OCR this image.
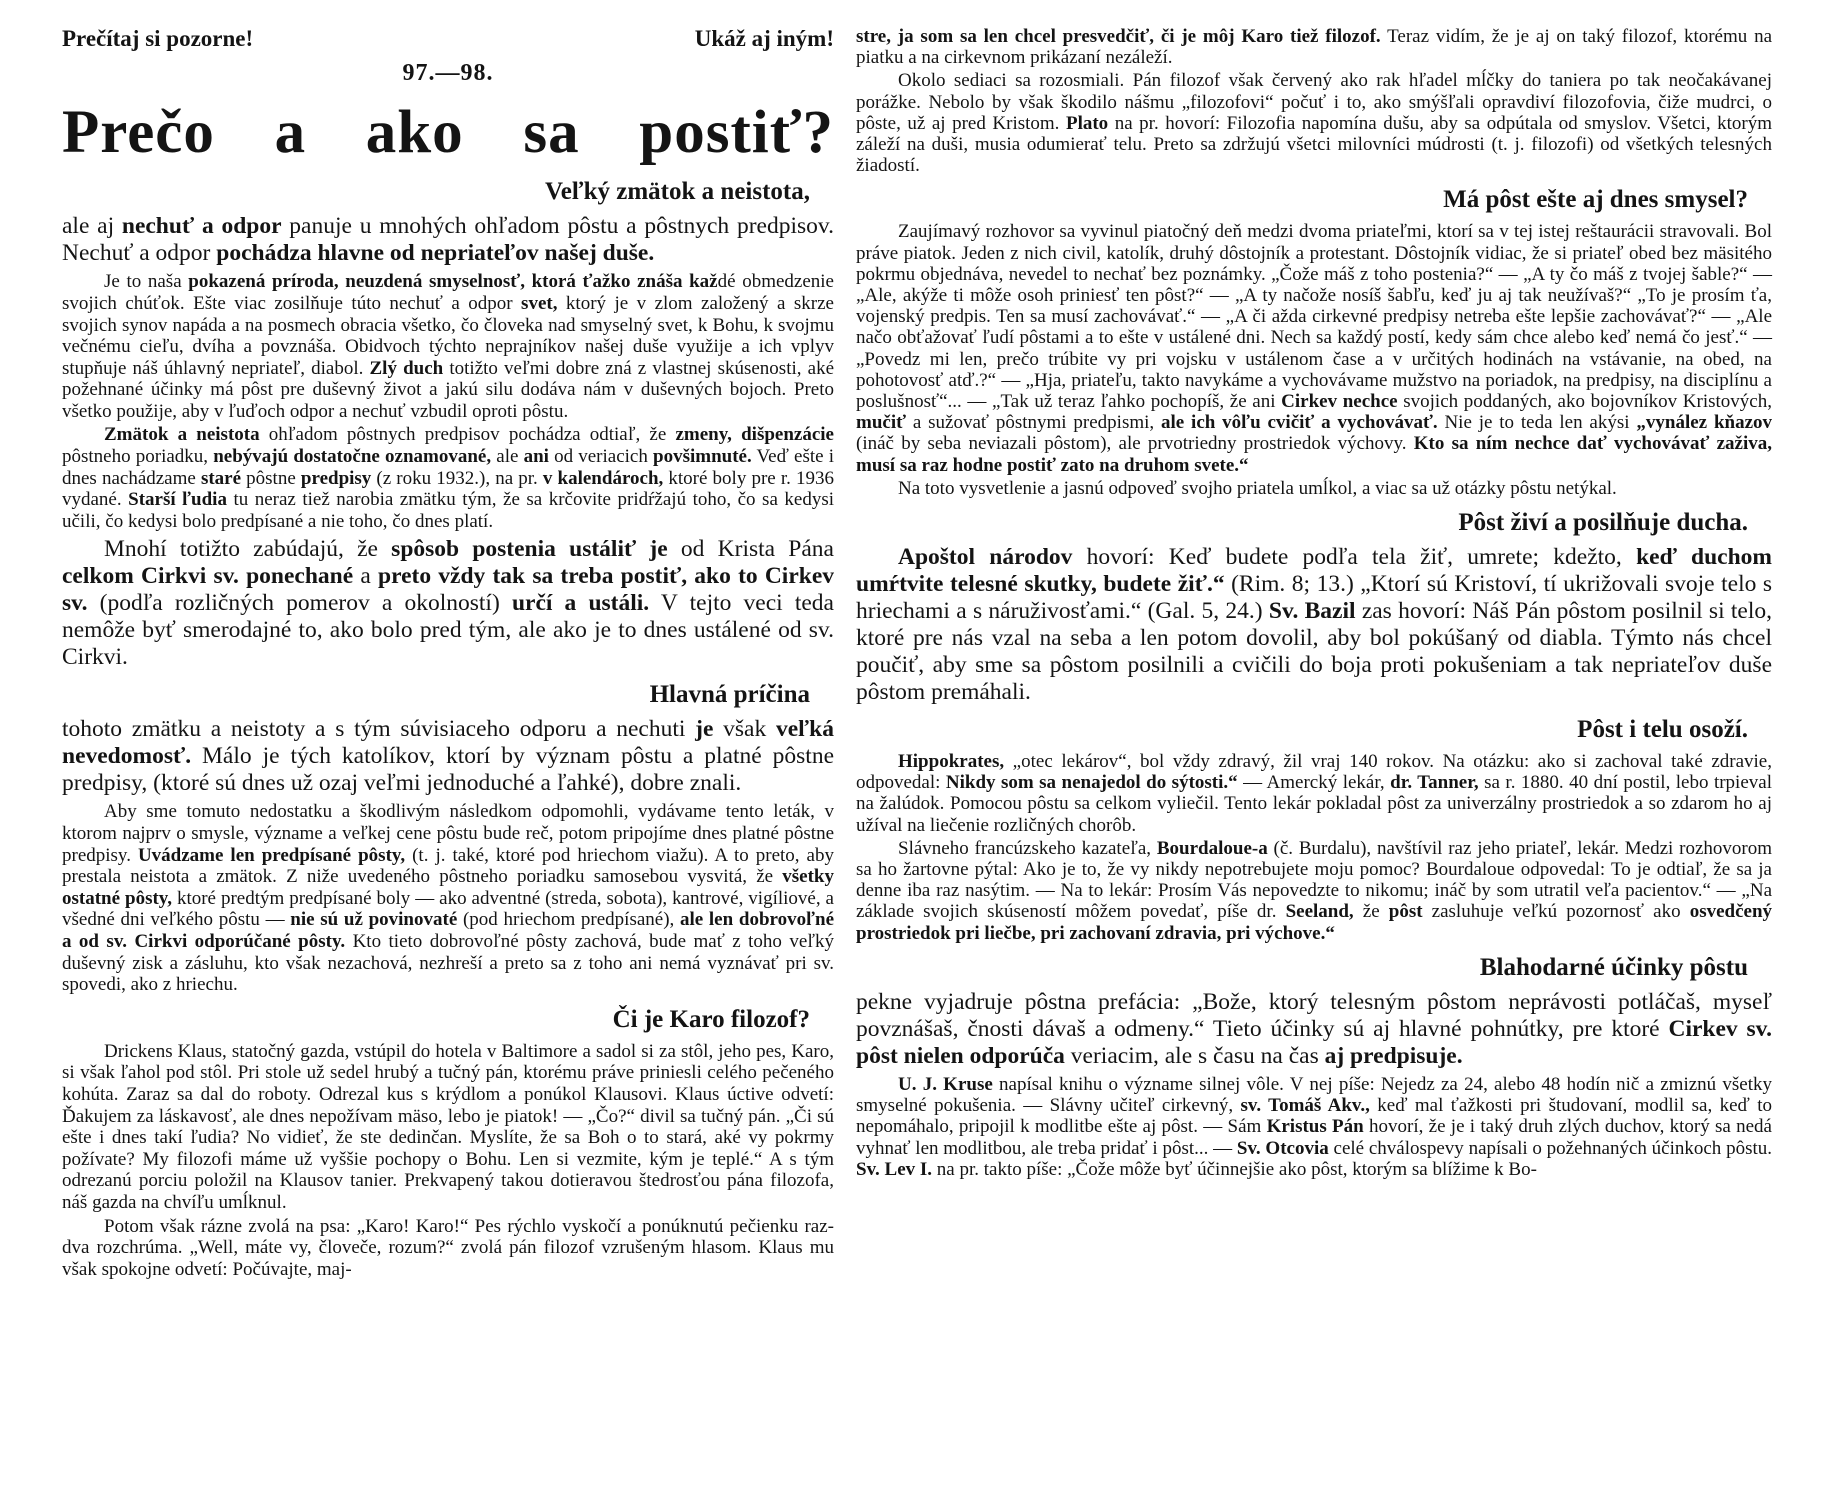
Prečítaj si pozorne!	Ukáž aj iným!
97.—98.
Prečo a ako sa postiť?
Veľký zmätok a neistota,
ale aj nechuť a odpor panuje u mnohých ohľadom pôstu a pôstnych predpisov. Nechuť a odpor pochádza hlavne od nepriateľov našej duše.
Je to naša pokazená príroda, neuzdená smyselnosť, ktorá ťažko znáša každé obmedzenie svojich chúťok. Ešte viac zosilňuje túto nechuť a odpor svet, ktorý je v zlom založený a skrze svojich synov napáda a na posmech obracia všetko, čo človeka nad smyselný svet, k Bohu, k svojmu večnému cieľu, dvíha a povznáša. Obidvoch týchto neprajníkov našej duše využije a ich vplyv stupňuje náš úhlavný nepriateľ, diabol. Zlý duch totižto veľmi dobre zná z vlastnej skúsenosti, aké požehnané účinky má pôst pre duševný život a jakú silu dodáva nám v duševných bojoch. Preto všetko použije, aby v ľuďoch odpor a nechuť vzbudil oproti pôstu.
Zmätok a neistota ohľadom pôstnych predpisov pochádza odtiaľ, že zmeny, dišpenzácie pôstneho poriadku, nebývajú dostatočne oznamované, ale ani od veriacich povšimnuté. Veď ešte i dnes nachádzame staré pôstne predpisy (z roku 1932.), na pr. v kalendároch, ktoré boly pre r. 1936 vydané. Starší ľudia tu neraz tiež narobia zmätku tým, že sa krčovite pridŕžajú toho, čo sa kedysi učili, čo kedysi bolo predpísané a nie toho, čo dnes platí.
Mnohí totižto zabúdajú, že spôsob postenia ustáliť je od Krista Pána celkom Cirkvi sv. ponechané a preto vždy tak sa treba postiť, ako to Cirkev sv. (podľa rozličných pomerov a okolností) určí a ustáli. V tejto veci teda nemôže byť smerodajné to, ako bolo pred tým, ale ako je to dnes ustálené od sv. Cirkvi.
Hlavná príčina
tohoto zmätku a neistoty a s tým súvisiaceho odporu a nechuti je však veľká nevedomosť. Málo je tých katolíkov, ktorí by význam pôstu a platné pôstne predpisy, (ktoré sú dnes už ozaj veľmi jednoduché a ľahké), dobre znali.
Aby sme tomuto nedostatku a škodlivým následkom odpomohli, vydávame tento leták, v ktorom najprv o smysle, význame a veľkej cene pôstu bude reč, potom pripojíme dnes platné pôstne predpisy. Uvádzame len predpísané pôsty, (t. j. také, ktoré pod hriechom viažu). A to preto, aby prestala neistota a zmätok. Z niže uvedeného pôstneho poriadku samosebou vysvitá, že všetky ostatné pôsty, ktoré predtým predpísané boly — ako adventné (streda, sobota), kantrové, vigíliové, a všedné dni veľkého pôstu — nie sú už povinovaté (pod hriechom predpísané), ale len dobrovoľné a od sv. Cirkvi odporúčané pôsty. Kto tieto dobrovoľné pôsty zachová, bude mať z toho veľký duševný zisk a zásluhu, kto však nezachová, nezhreší a preto sa z toho ani nemá vyznávať pri sv. spovedi, ako z hriechu.
Či je Karo filozof?
Drickens Klaus, statočný gazda, vstúpil do hotela v Baltimore a sadol si za stôl, jeho pes, Karo, si však ľahol pod stôl. Pri stole už sedel hrubý a tučný pán, ktorému práve priniesli celého pečeného kohúta. Zaraz sa dal do roboty. Odrezal kus s krýdlom a ponúkol Klausovi. Klaus úctive odvetí: Ďakujem za láskavosť, ale dnes nepožívam mäso, lebo je piatok! — „Čo?“ divil sa tučný pán. „Či sú ešte i dnes takí ľudia? No vidieť, že ste dedinčan. Myslíte, že sa Boh o to stará, aké vy pokrmy požívate? My filozofi máme už vyššie pochopy o Bohu. Len si vezmite, kým je teplé.“ A s tým odrezanú porciu položil na Klausov tanier. Prekvapený takou dotieravou štedrosťou pána filozofa, náš gazda na chvíľu umĺknul.
Potom však rázne zvolá na psa: „Karo! Karo!“ Pes rýchlo vyskočí a ponúknutú pečienku raz-dva rozchrúma. „Well, máte vy, človeče, rozum?“ zvolá pán filozof vzrušeným hlasom. Klaus mu však spokojne odvetí: Počúvajte, maj-
stre, ja som sa len chcel presvedčiť, či je môj Karo tiež filozof. Teraz vidím, že je aj on taký filozof, ktorému na piatku a na cirkevnom prikázaní nezáleží.
Okolo sediaci sa rozosmiali. Pán filozof však červený ako rak hľadel mĺčky do taniera po tak neočakávanej porážke. Nebolo by však škodilo nášmu „filozofovi“ počuť i to, ako smýšľali opravdiví filozofovia, čiže mudrci, o pôste, už aj pred Kristom. Plato na pr. hovorí: Filozofia napomína dušu, aby sa odpútala od smyslov. Všetci, ktorým záleží na duši, musia odumierať telu. Preto sa zdržujú všetci milovníci múdrosti (t. j. filozofi) od všetkých telesných žiadostí.
Má pôst ešte aj dnes smysel?
Zaujímavý rozhovor sa vyvinul piatočný deň medzi dvoma priateľmi, ktorí sa v tej istej reštaurácii stravovali. Bol práve piatok. Jeden z nich civil, katolík, druhý dôstojník a protestant. Dôstojník vidiac, že si priateľ obed bez mäsitého pokrmu objednáva, nevedel to nechať bez poznámky. „Čože máš z toho postenia?“ — „A ty čo máš z tvojej šable?“ — „Ale, akýže ti môže osoh priniesť ten pôst?“ — „A ty načože nosíš šabľu, keď ju aj tak neužívaš?“ „To je prosím ťa, vojenský predpis. Ten sa musí zachovávať.“ — „A či ažda cirkevné predpisy netreba ešte lepšie zachovávať?“ — „Ale načo obťažovať ľudí pôstami a to ešte v ustálené dni. Nech sa každý postí, kedy sám chce alebo keď nemá čo jesť.“ — „Povedz mi len, prečo trúbite vy pri vojsku v ustálenom čase a v určitých hodinách na vstávanie, na obed, na pohotovosť atď.?“ — „Hja, priateľu, takto navykáme a vychovávame mužstvo na poriadok, na predpisy, na disciplínu a poslušnosť“... — „Tak už teraz ľahko pochopíš, že ani Cirkev nechce svojich poddaných, ako bojovníkov Kristových, mučiť a sužovať pôstnymi predpismi, ale ich vôľu cvičiť a vychovávať. Nie je to teda len akýsi „vynález kňazov (ináč by seba neviazali pôstom), ale prvotriedny prostriedok výchovy. Kto sa ním nechce dať vychovávať zaživa, musí sa raz hodne postiť zato na druhom svete.“
Na toto vysvetlenie a jasnú odpoveď svojho priatela umĺkol, a viac sa už otázky pôstu netýkal.
Pôst živí a posilňuje ducha.
Apoštol národov hovorí: Keď budete podľa tela žiť, umrete; kdežto, keď duchom umŕtvite telesné skutky, budete žiť.“ (Rim. 8; 13.) „Ktorí sú Kristoví, tí ukrižovali svoje telo s hriechami a s náruživosťami.“ (Gal. 5, 24.) Sv. Bazil zas hovorí: Náš Pán pôstom posilnil si telo, ktoré pre nás vzal na seba a len potom dovolil, aby bol pokúšaný od diabla. Týmto nás chcel poučiť, aby sme sa pôstom posilnili a cvičili do boja proti pokušeniam a tak nepriateľov duše pôstom premáhali.
Pôst i telu osoží.
Hippokrates, „otec lekárov“, bol vždy zdravý, žil vraj 140 rokov. Na otázku: ako si zachoval také zdravie, odpovedal: Nikdy som sa nenajedol do sýtosti.“ — Amercký lekár, dr. Tanner, sa r. 1880. 40 dní postil, lebo trpieval na žalúdok. Pomocou pôstu sa celkom vyliečil. Tento lekár pokladal pôst za univerzálny prostriedok a so zdarom ho aj užíval na liečenie rozličných chorôb.
Slávneho francúzskeho kazateľa, Bourdaloue-a (č. Burdalu), navštívil raz jeho priateľ, lekár. Medzi rozhovorom sa ho žartovne pýtal: Ako je to, že vy nikdy nepotrebujete moju pomoc? Bourdaloue odpovedal: To je odtiaľ, že sa ja denne iba raz nasýtim. — Na to lekár: Prosím Vás nepovedzte to nikomu; ináč by som utratil veľa pacientov.“ — „Na základe svojich skúseností môžem povedať, píše dr. Seeland, že pôst zasluhuje veľkú pozornosť ako osvedčený prostriedok pri liečbe, pri zachovaní zdravia, pri výchove.“
Blahodarné účinky pôstu
pekne vyjadruje pôstna prefácia: „Bože, ktorý telesným pôstom neprávosti potláčaš, myseľ povznášaš, čnosti dávaš a odmeny.“ Tieto účinky sú aj hlavné pohnútky, pre ktoré Cirkev sv. pôst nielen odporúča veriacim, ale s času na čas aj predpisuje.
U. J. Kruse napísal knihu o význame silnej vôle. V nej píše: Nejedz za 24, alebo 48 hodín nič a zmiznú všetky smyselné pokušenia. — Slávny učiteľ cirkevný, sv. Tomáš Akv., keď mal ťažkosti pri študovaní, modlil sa, keď to nepomáhalo, pripojil k modlitbe ešte aj pôst. — Sám Kristus Pán hovorí, že je i taký druh zlých duchov, ktorý sa nedá vyhnať len modlitbou, ale treba pridať i pôst... — Sv. Otcovia celé chválospevy napísali o požehnaných účinkoch pôstu. Sv. Lev I. na pr. takto píše: „Čože môže byť účinnejšie ako pôst, ktorým sa blížime k Bo-
